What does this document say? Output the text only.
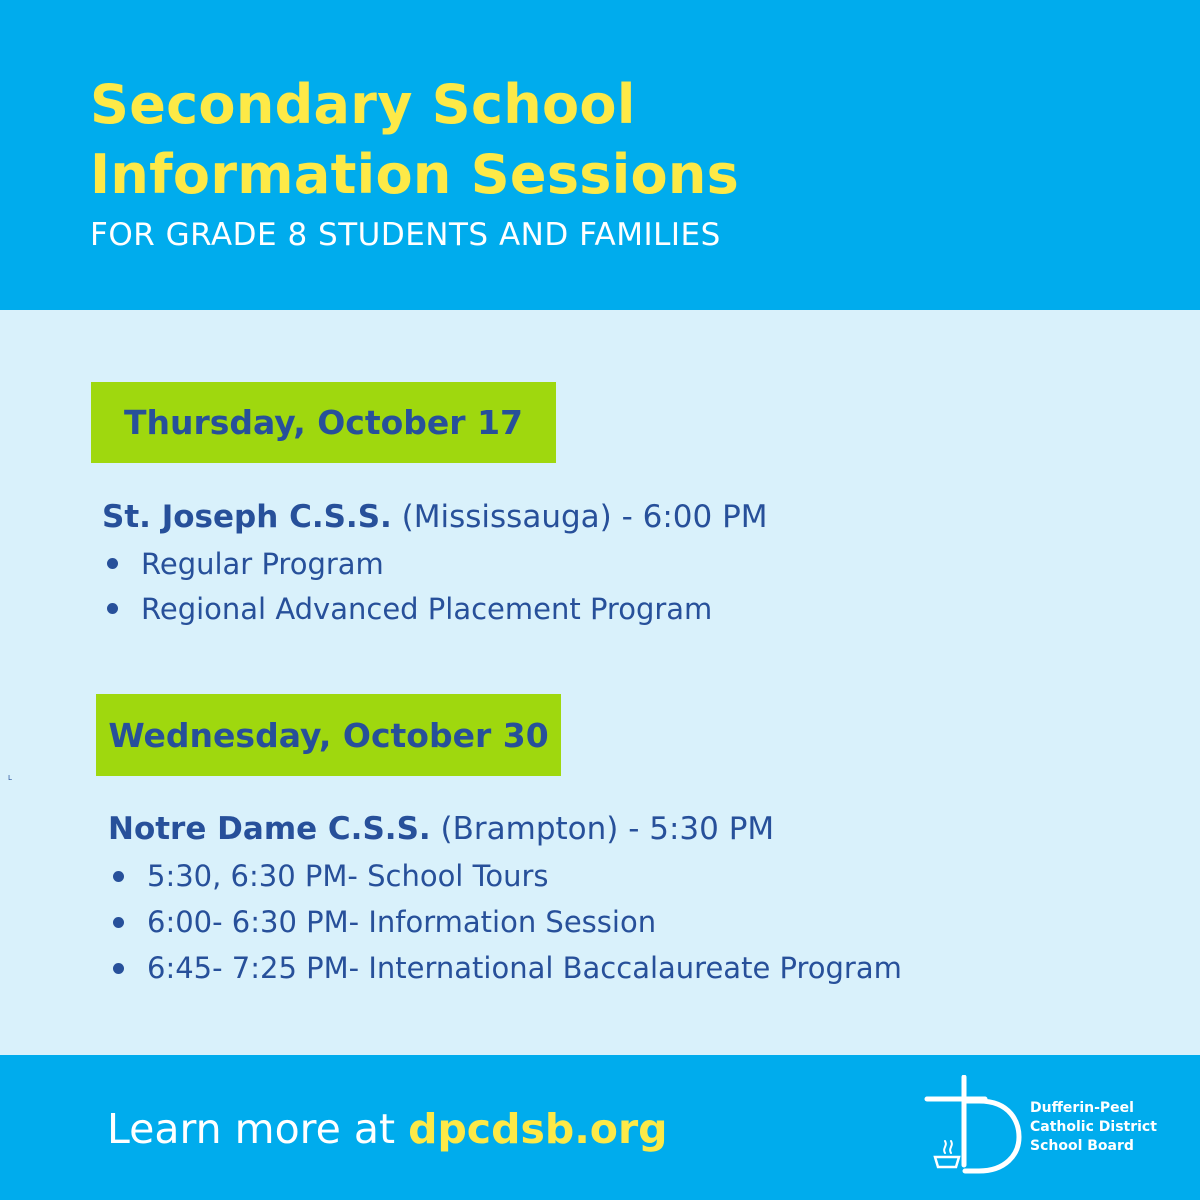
Secondary School
Information Sessions
FOR GRADE 8 STUDENTS AND FAMILIES
Thursday, October 17
St. Joseph C.S.S. (Mississauga) - 6:00 PM
Regular Program
Regional Advanced Placement Program
L
Wednesday, October 30
Notre Dame C.S.S. (Brampton) - 5:30 PM
5:30, 6:30 PM- School Tours
6:00- 6:30 PM- Information Session
6:45- 7:25 PM- International Baccalaureate Program
Learn more at dpcdsb.org	Dufferin-Peel
Catholic District
School Board
